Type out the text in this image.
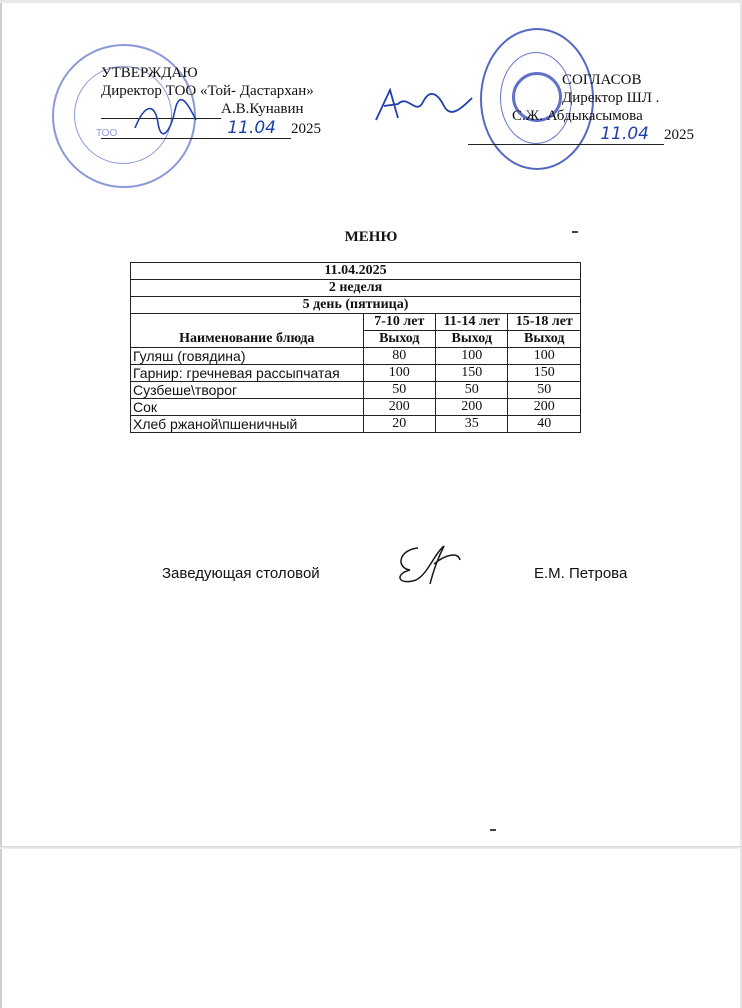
ТОО
УТВЕРЖДАЮ
Директор ТОО «Той- Дастархан»
А.В.Кунавин
11.04 2025
СОГЛАСОВ
Директор ШЛ .
С.Ж. Абдыкасымова
11.04 2025
МЕНЮ
11.04.2025			
2 неделя			
5 день (пятница)			
Наименование блюда	7-10 лет	11-14 лет	15-18 лет
	Выход	Выход	Выход
Гуляш (говядина)	80	100	100
Гарнир: гречневая рассыпчатая	100	150	150
Сузбеше\творог	50	50	50
Сок	200	200	200
Хлеб ржаной\пшеничный	20	35	40
Заведующая столовой	Е.М. Петрова
